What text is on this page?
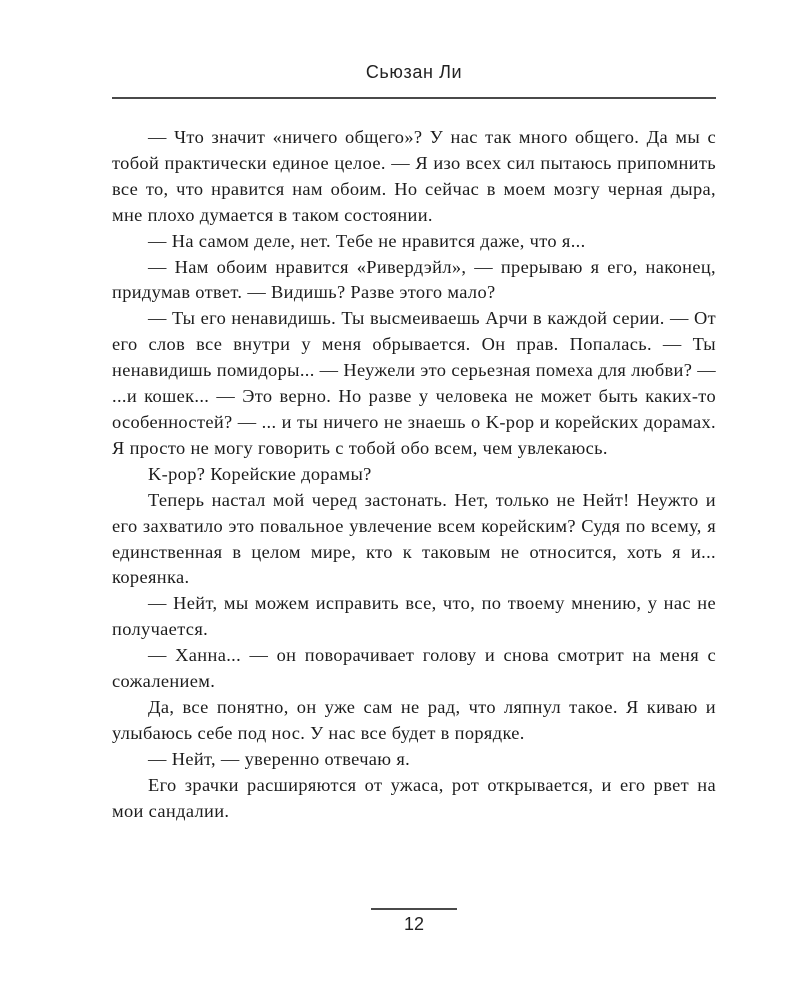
Сьюзан Ли

— Что значит «ничего общего»? У нас так много общего. Да мы с тобой практически единое целое. — Я изо всех сил пытаюсь припомнить все то, что нравится нам обоим. Но сейчас в моем мозгу черная дыра, мне плохо думается в таком состоянии.

— На самом деле, нет. Тебе не нравится даже, что я...

— Нам обоим нравится «Ривердэйл», — прерываю я его, наконец, придумав ответ. — Видишь? Разве этого мало?

— Ты его ненавидишь. Ты высмеиваешь Арчи в каждой серии. — От его слов все внутри у меня обрывается. Он прав. Попалась. — Ты ненавидишь помидоры... — Неужели это серьезная помеха для любви? — ...и кошек... — Это верно. Но разве у человека не может быть каких-то особенностей? — ... и ты ничего не знаешь о K-pop и корейских дорамах. Я просто не могу говорить с тобой обо всем, чем увлекаюсь.

K-pop? Корейские дорамы?

Теперь настал мой черед застонать. Нет, только не Нейт! Неужто и его захватило это повальное увлечение всем корейским? Судя по всему, я единственная в целом мире, кто к таковым не относится, хоть я и... кореянка.

— Нейт, мы можем исправить все, что, по твоему мнению, у нас не получается.

— Ханна... — он поворачивает голову и снова смотрит на меня с сожалением.

Да, все понятно, он уже сам не рад, что ляпнул такое. Я киваю и улыбаюсь себе под нос. У нас все будет в порядке.

— Нейт, — уверенно отвечаю я.

Его зрачки расширяются от ужаса, рот открывается, и его рвет на мои сандалии.

12
